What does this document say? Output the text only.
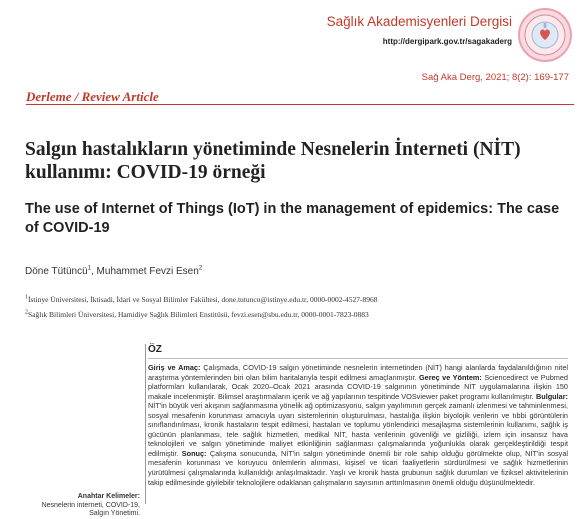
Sağlık Akademisyenleri Dergisi
http://dergipark.gov.tr/sagakaderg
Sağ Aka Derg, 2021; 8(2): 169-177
Derleme / Review Article
Salgın hastalıkların yönetiminde Nesnelerin İnterneti (NİT) kullanımı: COVID-19 örneği
The use of Internet of Things (IoT) in the management of epidemics: The case of COVID-19
Döne Tütüncü$^1$, Muhammet Fevzi Esen$^2$
$^1$İstinye Üniversitesi, İktisadi, İdari ve Sosyal Bilimler Fakültesi, done.tutuncu@istinye.edu.tr, 0000-0002-4527-8968
$^2$Sağlık Bilimleri Üniversitesi, Hamidiye Sağlık Bilimleri Enstitüsü, fevzi.esen@sbu.edu.tr, 0000-0001-7823-0883
ÖZ
Giriş ve Amaç: Çalışmada, COVID-19 salgın yönetiminde nesnelerin internetinden (NİT) hangi alanlarda faydalanıldığının nitel araştırma yöntemlerinden biri olan bilim haritalarıyla tespit edilmesi amaçlanmıştır. Gereç ve Yöntem: Sciencedirect ve Pubmed platformları kullanılarak, Ocak 2020–Ocak 2021 arasında COVID-19 salgınının yönetiminde NİT uygulamalarına ilişkin 150 makale incelenmiştir. Bilimsel araştırmaların içerik ve ağ yapılarının tespitinde VOSviewer paket programı kullanılmıştır. Bulgular: NİT'in büyük veri akışının sağlanmasına yönelik ağ optimizasyonu, salgın yayılımının gerçek zamanlı izlenmesi ve tahminlenmesi, sosyal mesafenin korunması amacıyla uyarı sistemlerinin oluşturulması, hastalığa ilişkin biyolojik verilerin ve tıbbi görüntülerin sınıflandırılması, kronik hastaların tespit edilmesi, hastaları ve toplumu yönlendirici mesajlaşma sistemlerinin kullanımı, sağlık iş gücünün planlanması, tele sağlık hizmetleri, medikal NİT, hasta verilerinin güvenliği ve gizliliği, izlem için insansız hava teknolojileri ve salgın yönetiminde maliyet etkinliğinin sağlanması çalışmalarında yoğunlukla olarak gerçekleştirildiği tespit edilmiştir. Sonuç: Çalışma sonucunda, NİT'in salgın yönetiminde önemli bir role sahip olduğu görülmekte olup, NİT'in sosyal mesafenin korunması ve koruyucu önlemlerin alınması, kişisel ve ticari faaliyetlerin sürdürülmesi ve sağlık hizmetlerinin yürütülmesi çalışmalarında kullanıldığı anlaşılmaktadır. Yaşlı ve kronik hasta grubunun sağlık durumları ve fiziksel aktivitelerinin takip edilmesinde giyilebilir teknolojilere odaklanan çalışmaların sayısının arttırılmasının önemli olduğu düşünülmektedir.
Anahtar Kelimeler:
Nesnelerin interneti, COVID-19, Salgın Yönetimi.
